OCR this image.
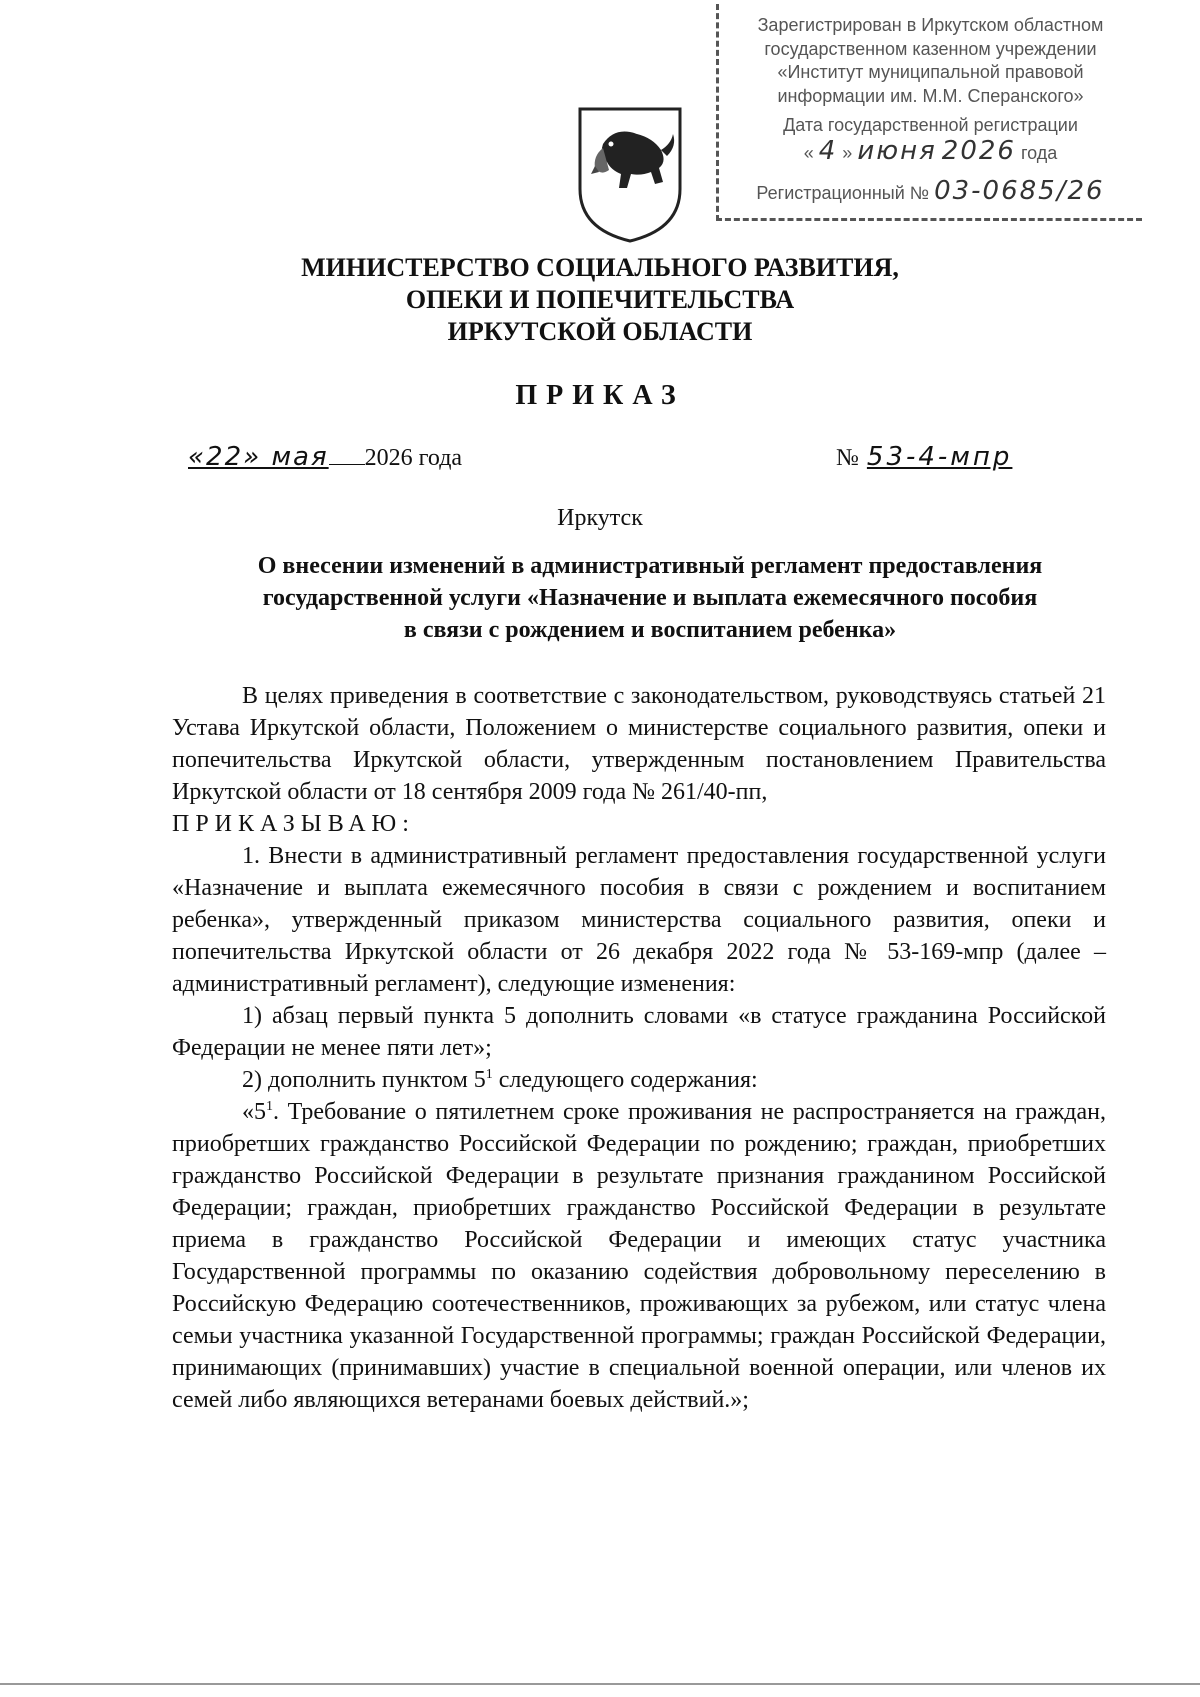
Зарегистрирован в Иркутском областном
государственном казенном учреждении
«Институт муниципальной правовой
информации им. М.М. Сперанского»
Дата государственной регистрации
« 4 » июня 2026 года
Регистрационный № 03-0685/26
МИНИСТЕРСТВО СОЦИАЛЬНОГО РАЗВИТИЯ,
ОПЕКИ И ПОПЕЧИТЕЛЬСТВА
ИРКУТСКОЙ ОБЛАСТИ
ПРИКАЗ
«22» мая 2026 года	№ 53-4-мпр
Иркутск
О внесении изменений в административный регламент предоставления
государственной услуги «Назначение и выплата ежемесячного пособия
в связи с рождением и воспитанием ребенка»

В целях приведения в соответствие с законодательством, руководствуясь статьей 21 Устава Иркутской области, Положением о министерстве социального развития, опеки и попечительства Иркутской области, утвержденным постановлением Правительства Иркутской области от 18 сентября 2009 года № 261/40-пп,

ПРИКАЗЫВАЮ:

1. Внести в административный регламент предоставления государственной услуги «Назначение и выплата ежемесячного пособия в связи с рождением и воспитанием ребенка», утвержденный приказом министерства социального развития, опеки и попечительства Иркутской области от 26 декабря 2022 года № 53-169-мпр (далее – административный регламент), следующие изменения:

1) абзац первый пункта 5 дополнить словами «в статусе гражданина Российской Федерации не менее пяти лет»;

2) дополнить пунктом $5^1$ следующего содержания:

«$5^1$. Требование о пятилетнем сроке проживания не распространяется на граждан, приобретших гражданство Российской Федерации по рождению; граждан, приобретших гражданство Российской Федерации в результате признания гражданином Российской Федерации; граждан, приобретших гражданство Российской Федерации в результате приема в гражданство Российской Федерации и имеющих статус участника Государственной программы по оказанию содействия добровольному переселению в Российскую Федерацию соотечественников, проживающих за рубежом, или статус члена семьи участника указанной Государственной программы; граждан Российской Федерации, принимающих (принимавших) участие в специальной военной операции, или членов их семей либо являющихся ветеранами боевых действий.»;
